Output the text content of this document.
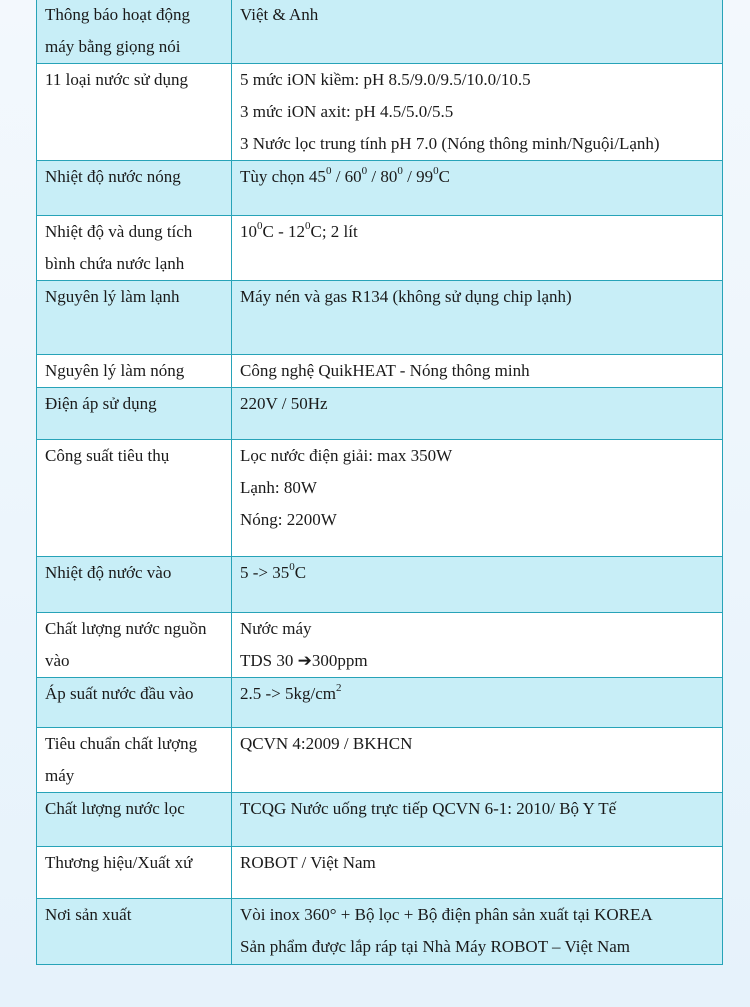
Thông báo hoạt động
máy bằng giọng nói	Việt & Anh

11 loại nước sử dụng	5 mức iON kiềm: pH 8.5/9.0/9.5/10.0/10.5
3 mức iON axit: pH 4.5/5.0/5.5
3 Nước lọc trung tính pH 7.0 (Nóng thông minh/Nguội/Lạnh)

Nhiệt độ nước nóng	Tùy chọn $45^0 / 60^0 / 80^0 / 99^0C$

Nhiệt độ và dung tích
bình chứa nước lạnh	$10^0C - 12^0C$; 2 lít

Nguyên lý làm lạnh	Máy nén và gas R134 (không sử dụng chip lạnh)

Nguyên lý làm nóng	Công nghệ QuikHEAT - Nóng thông minh

Điện áp sử dụng	220V / 50Hz

Công suất tiêu thụ	Lọc nước điện giải: max 350W
Lạnh: 80W
Nóng: 2200W

Nhiệt độ nước vào	$5 -> 35^0C$

Chất lượng nước nguồn
vào	Nước máy
TDS 30 ➔300ppm

Áp suất nước đầu vào	$2.5 -> 5kg/cm^2$

Tiêu chuẩn chất lượng
máy	QCVN 4:2009 / BKHCN

Chất lượng nước lọc	TCQG Nước uống trực tiếp QCVN 6-1: 2010/ Bộ Y Tế

Thương hiệu/Xuất xứ	ROBOT / Việt Nam

Nơi sản xuất	Vòi inox 360° + Bộ lọc + Bộ điện phân sản xuất tại KOREA
Sản phẩm được lắp ráp tại Nhà Máy ROBOT – Việt Nam
